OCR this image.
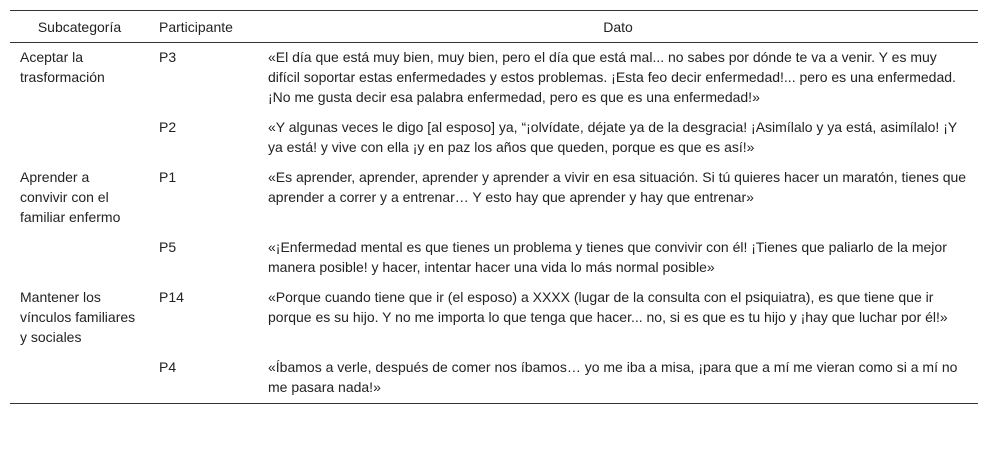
Subcategoría	Participante	Dato
Aceptar la trasformación	P3	«El día que está muy bien, muy bien, pero el día que está mal... no sabes por dónde te va a venir. Y es muy difícil soportar estas enfermedades y estos problemas. ¡Esta feo decir enfermedad!... pero es una enfermedad. ¡No me gusta decir esa palabra enfermedad, pero es que es una enfermedad!»
	P2	«Y algunas veces le digo [al esposo] ya, “¡olvídate, déjate ya de la desgracia! ¡Asimílalo y ya está, asimílalo! ¡Y ya está! y vive con ella ¡y en paz los años que queden, porque es que es así!»
Aprender a convivir con el familiar enfermo	P1	«Es aprender, aprender, aprender y aprender a vivir en esa situación. Si tú quieres hacer un maratón, tienes que aprender a correr y a entrenar… Y esto hay que aprender y hay que entrenar»
	P5	«¡Enfermedad mental es que tienes un problema y tienes que convivir con él! ¡Tienes que paliarlo de la mejor manera posible! y hacer, intentar hacer una vida lo más normal posible»
Mantener los vínculos familiares y sociales	P14	«Porque cuando tiene que ir (el esposo) a XXXX (lugar de la consulta con el psiquiatra), es que tiene que ir porque es su hijo. Y no me importa lo que tenga que hacer... no, si es que es tu hijo y ¡hay que luchar por él!»
	P4	«Íbamos a verle, después de comer nos íbamos… yo me iba a misa, ¡para que a mí me vieran como si a mí no me pasara nada!»
